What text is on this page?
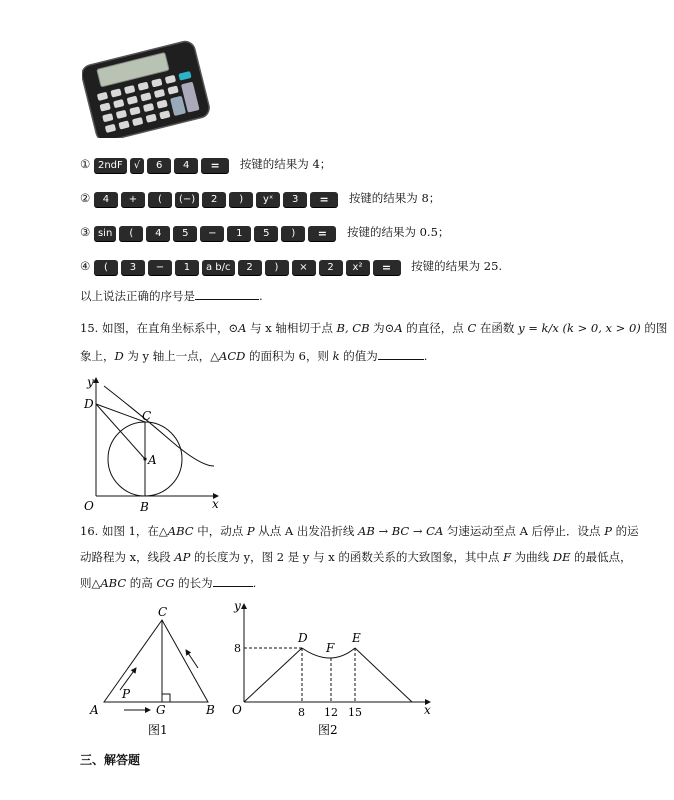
① 2ndF √ 6 4 = 按键的结果为 4；
② 4 + ( (−) 2 ) yˣ 3 = 按键的结果为 8；
③ sin ( 4 5 − 1 5 ) = 按键的结果为 0.5；
④ ( 3 − 1 a b/c 2 ) × 2 x² = 按键的结果为 25.
以上说法正确的序号是	.
15. 如图，在直角坐标系中，⊙A 与 x 轴相切于点 B, CB 为⊙A 的直径，点 C 在函数 y = k/x (k > 0, x > 0) 的图
象上，D 为 y 轴上一点，△ACD 的面积为 6，则 k 的值为	.
y
x
O	B
C
D
A
16. 如图 1，在△ABC 中，动点 P 从点 A 出发沿折线 AB → BC → CA 匀速运动至点 A 后停止．设点 P 的运
动路程为 x，线段 AP 的长度为 y，图 2 是 y 与 x 的函数关系的大致图象，其中点 F 为曲线 DE 的最低点，
则△ABC 的高 CG 的长为	.
C
A	B
G
P
图1
y
x
O
D
F
E
8
8 12 15
图2
三、解答题
